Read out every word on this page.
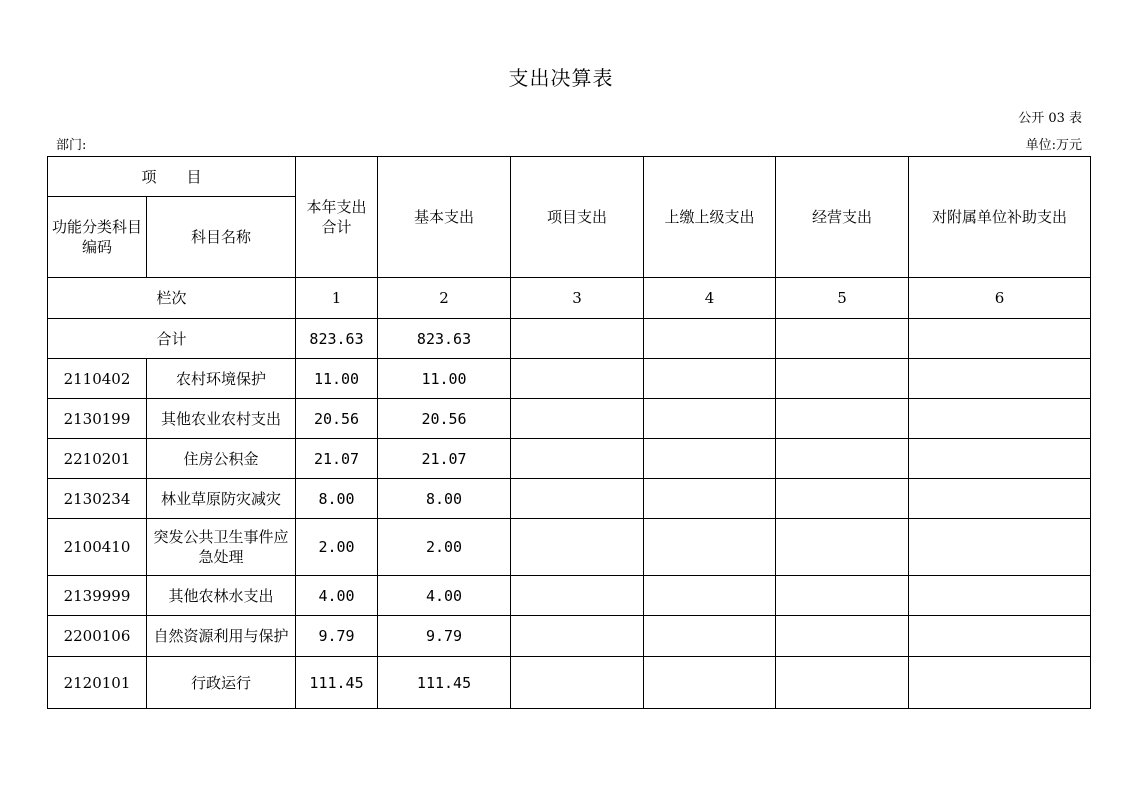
支出决算表
公开 03 表
部门:	单位:万元
项　　目		本年支出合计	基本支出	项目支出	上缴上级支出	经营支出	对附属单位补助支出
功能分类科目编码	科目名称						
栏次		1	2	3	4	5	6
合计		823.63	823.63				
2110402	农村环境保护	11.00	11.00				
2130199	其他农业农村支出	20.56	20.56				
2210201	住房公积金	21.07	21.07				
2130234	林业草原防灾减灾	8.00	8.00				
2100410	突发公共卫生事件应急处理	2.00	2.00				
2139999	其他农林水支出	4.00	4.00				
2200106	自然资源利用与保护	9.79	9.79				
2120101	行政运行	111.45	111.45				
